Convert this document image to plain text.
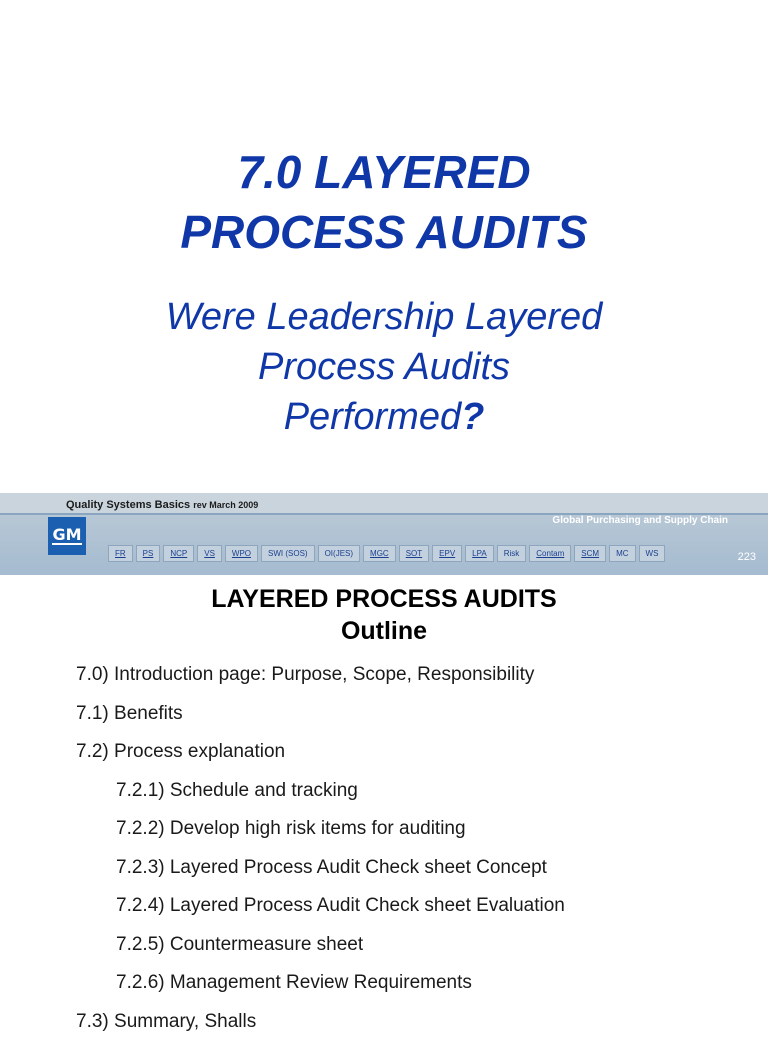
7.0 LAYERED
PROCESS AUDITS
Were Leadership Layered
Process Audits
Performed?
Quality Systems Basics rev March 2009
Global Purchasing and Supply Chain
GM
FR	PS	NCP	VS	WPO	SWI (SOS)	OI(JES)	MGC	SOT	EPV	LPA	Risk	Contam	SCM	MC	WS	223
LAYERED PROCESS AUDITS
Outline
7.0) Introduction page: Purpose, Scope, Responsibility
7.1) Benefits
7.2) Process explanation
7.2.1) Schedule and tracking
7.2.2) Develop high risk items for auditing
7.2.3) Layered Process Audit Check sheet Concept
7.2.4) Layered Process Audit Check sheet Evaluation
7.2.5) Countermeasure sheet
7.2.6) Management Review Requirements
7.3) Summary, Shalls
